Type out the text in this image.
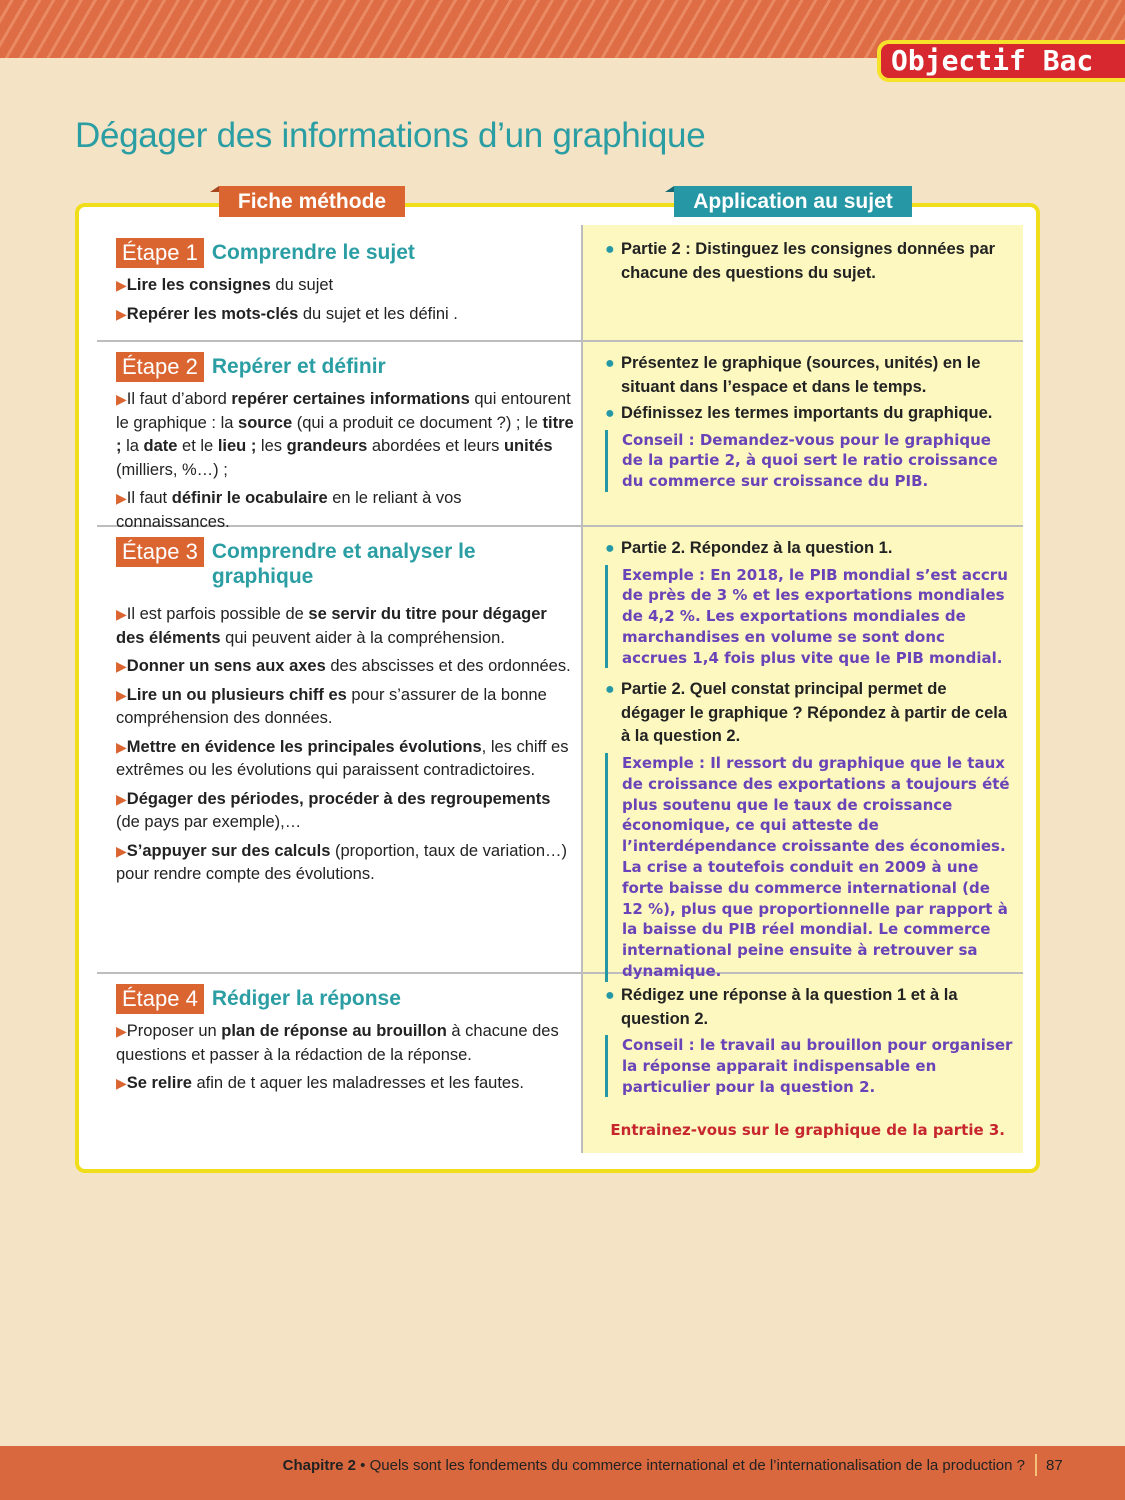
Objectif Bac
Dégager des informations d’un graphique
Fiche méthode	Application au sujet
Étape 1 Comprendre le sujet

▶Lire les consignes du sujet

▶Repérer les mots-clés du sujet et les défini .

Étape 2 Repérer et définir

▶Il faut d’abord repérer certaines informations qui entourent le graphique : la source (qui a produit ce document ?) ; le titre ; la date et le lieu ; les grandeurs abordées et leurs unités (milliers, %…) ;

▶Il faut définir le ocabulaire en le reliant à vos connaissances.

Étape 3 Comprendre et analyser le graphique

▶Il est parfois possible de se servir du titre pour dégager des éléments qui peuvent aider à la compréhension.

▶Donner un sens aux axes des abscisses et des ordonnées.

▶Lire un ou plusieurs chiff es pour s’assurer de la bonne compréhension des données.

▶Mettre en évidence les principales évolutions, les chiff es extrêmes ou les évolutions qui paraissent contradictoires.

▶Dégager des périodes, procéder à des regroupements (de pays par exemple),…

▶S’appuyer sur des calculs (proportion, taux de variation…) pour rendre compte des évolutions.

Étape 4 Rédiger la réponse

▶Proposer un plan de réponse au brouillon à chacune des questions et passer à la rédaction de la réponse.

▶Se relire afin de t aquer les maladresses et les fautes.

● Partie 2 : Distinguez les consignes données par chacune des questions du sujet.
● Présentez le graphique (sources, unités) en le situant dans l’espace et dans le temps.
● Définissez les termes importants du graphique.
Conseil : Demandez-vous pour le graphique de la partie 2, à quoi sert le ratio croissance du commerce sur croissance du PIB.
● Partie 2. Répondez à la question 1.
Exemple : En 2018, le PIB mondial s’est accru de près de 3 % et les exportations mondiales de 4,2 %. Les exportations mondiales de marchandises en volume se sont donc accrues 1,4 fois plus vite que le PIB mondial.
● Partie 2. Quel constat principal permet de dégager le graphique ? Répondez à partir de cela à la question 2.
Exemple : Il ressort du graphique que le taux de croissance des exportations a toujours été plus soutenu que le taux de croissance économique, ce qui atteste de l’interdépendance croissante des économies. La crise a toutefois conduit en 2009 à une forte baisse du commerce international (de 12 %), plus que proportionnelle par rapport à la baisse du PIB réel mondial. Le commerce international peine ensuite à retrouver sa dynamique.
● Rédigez une réponse à la question 1 et à la question 2.
Conseil : le travail au brouillon pour organiser la réponse apparait indispensable en particulier pour la question 2.
Entrainez-vous sur le graphique de la partie 3.
Chapitre 2 • Quels sont les fondements du commerce international et de l’internationalisation de la production ? 87
